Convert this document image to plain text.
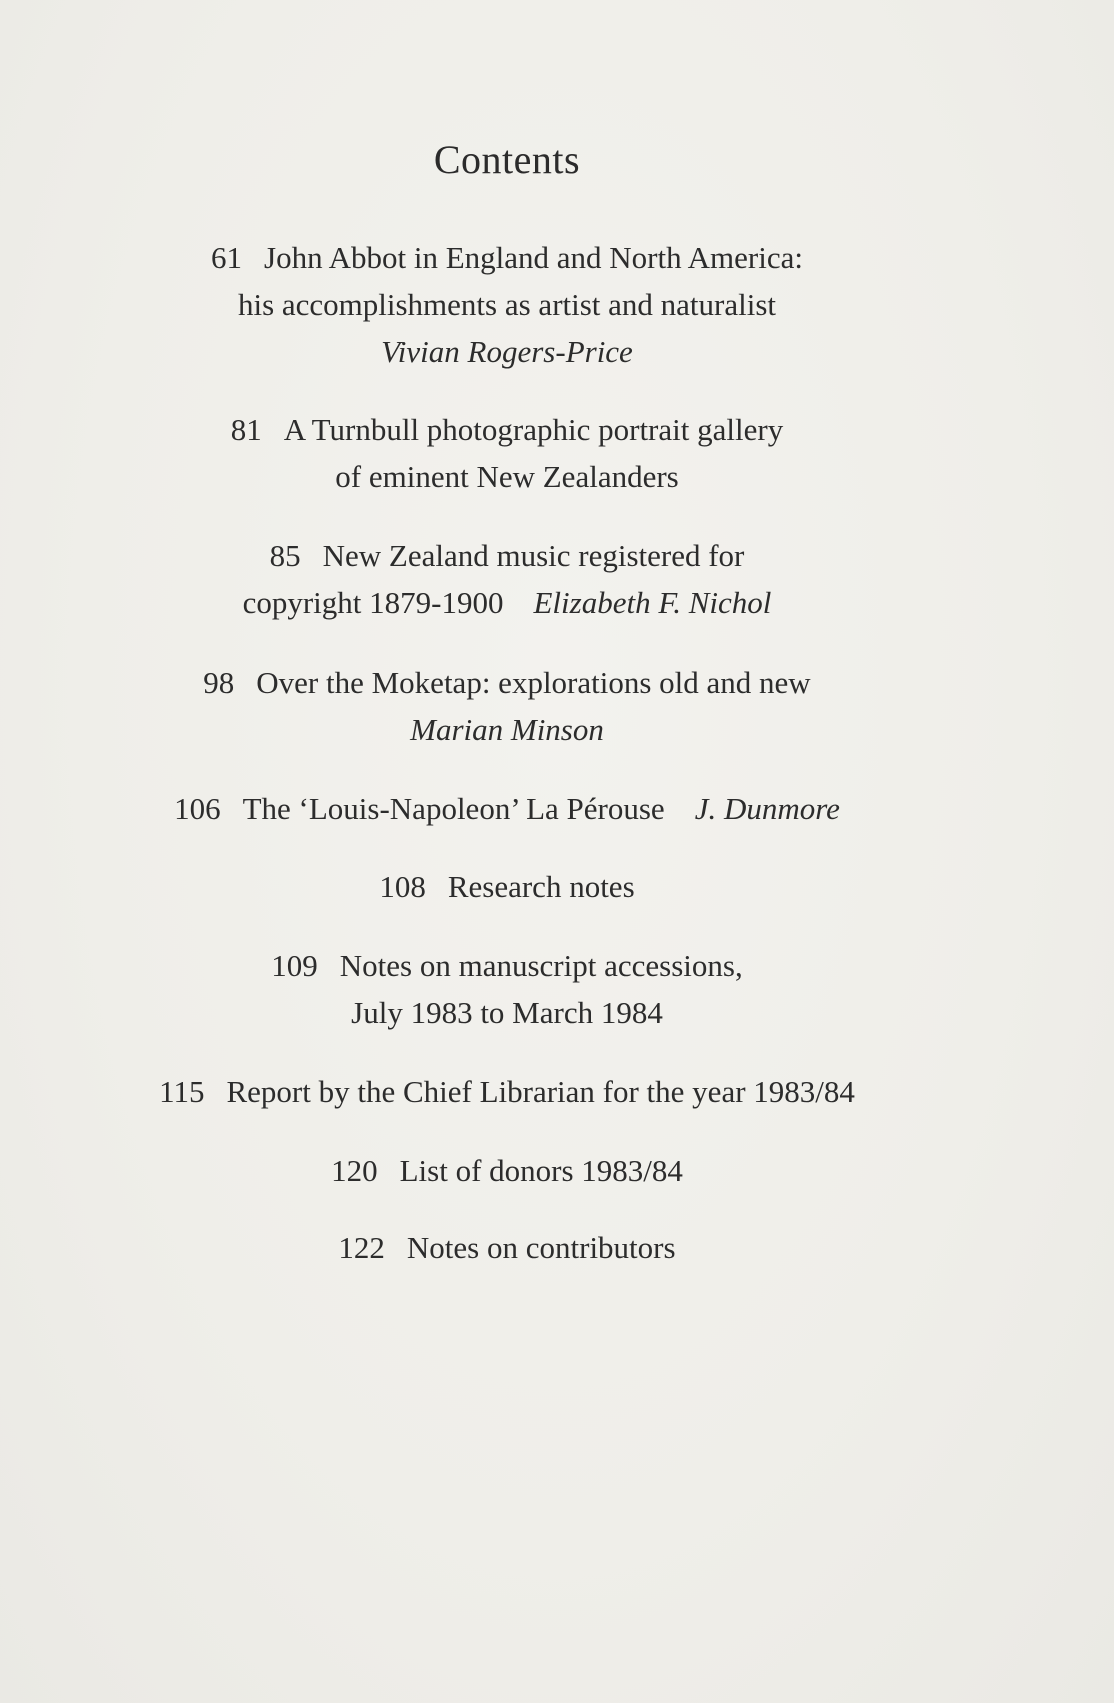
Contents
61 John Abbot in England and North America:
his accomplishments as artist and naturalist
Vivian Rogers-Price
81 A Turnbull photographic portrait gallery
of eminent New Zealanders
85 New Zealand music registered for
copyright 1879-1900 Elizabeth F. Nichol
98 Over the Moketap: explorations old and new
Marian Minson
106 The ‘Louis-Napoleon’ La Pérouse J. Dunmore
108 Research notes
109 Notes on manuscript accessions,
July 1983 to March 1984
115 Report by the Chief Librarian for the year 1983/84
120 List of donors 1983/84
122 Notes on contributors
